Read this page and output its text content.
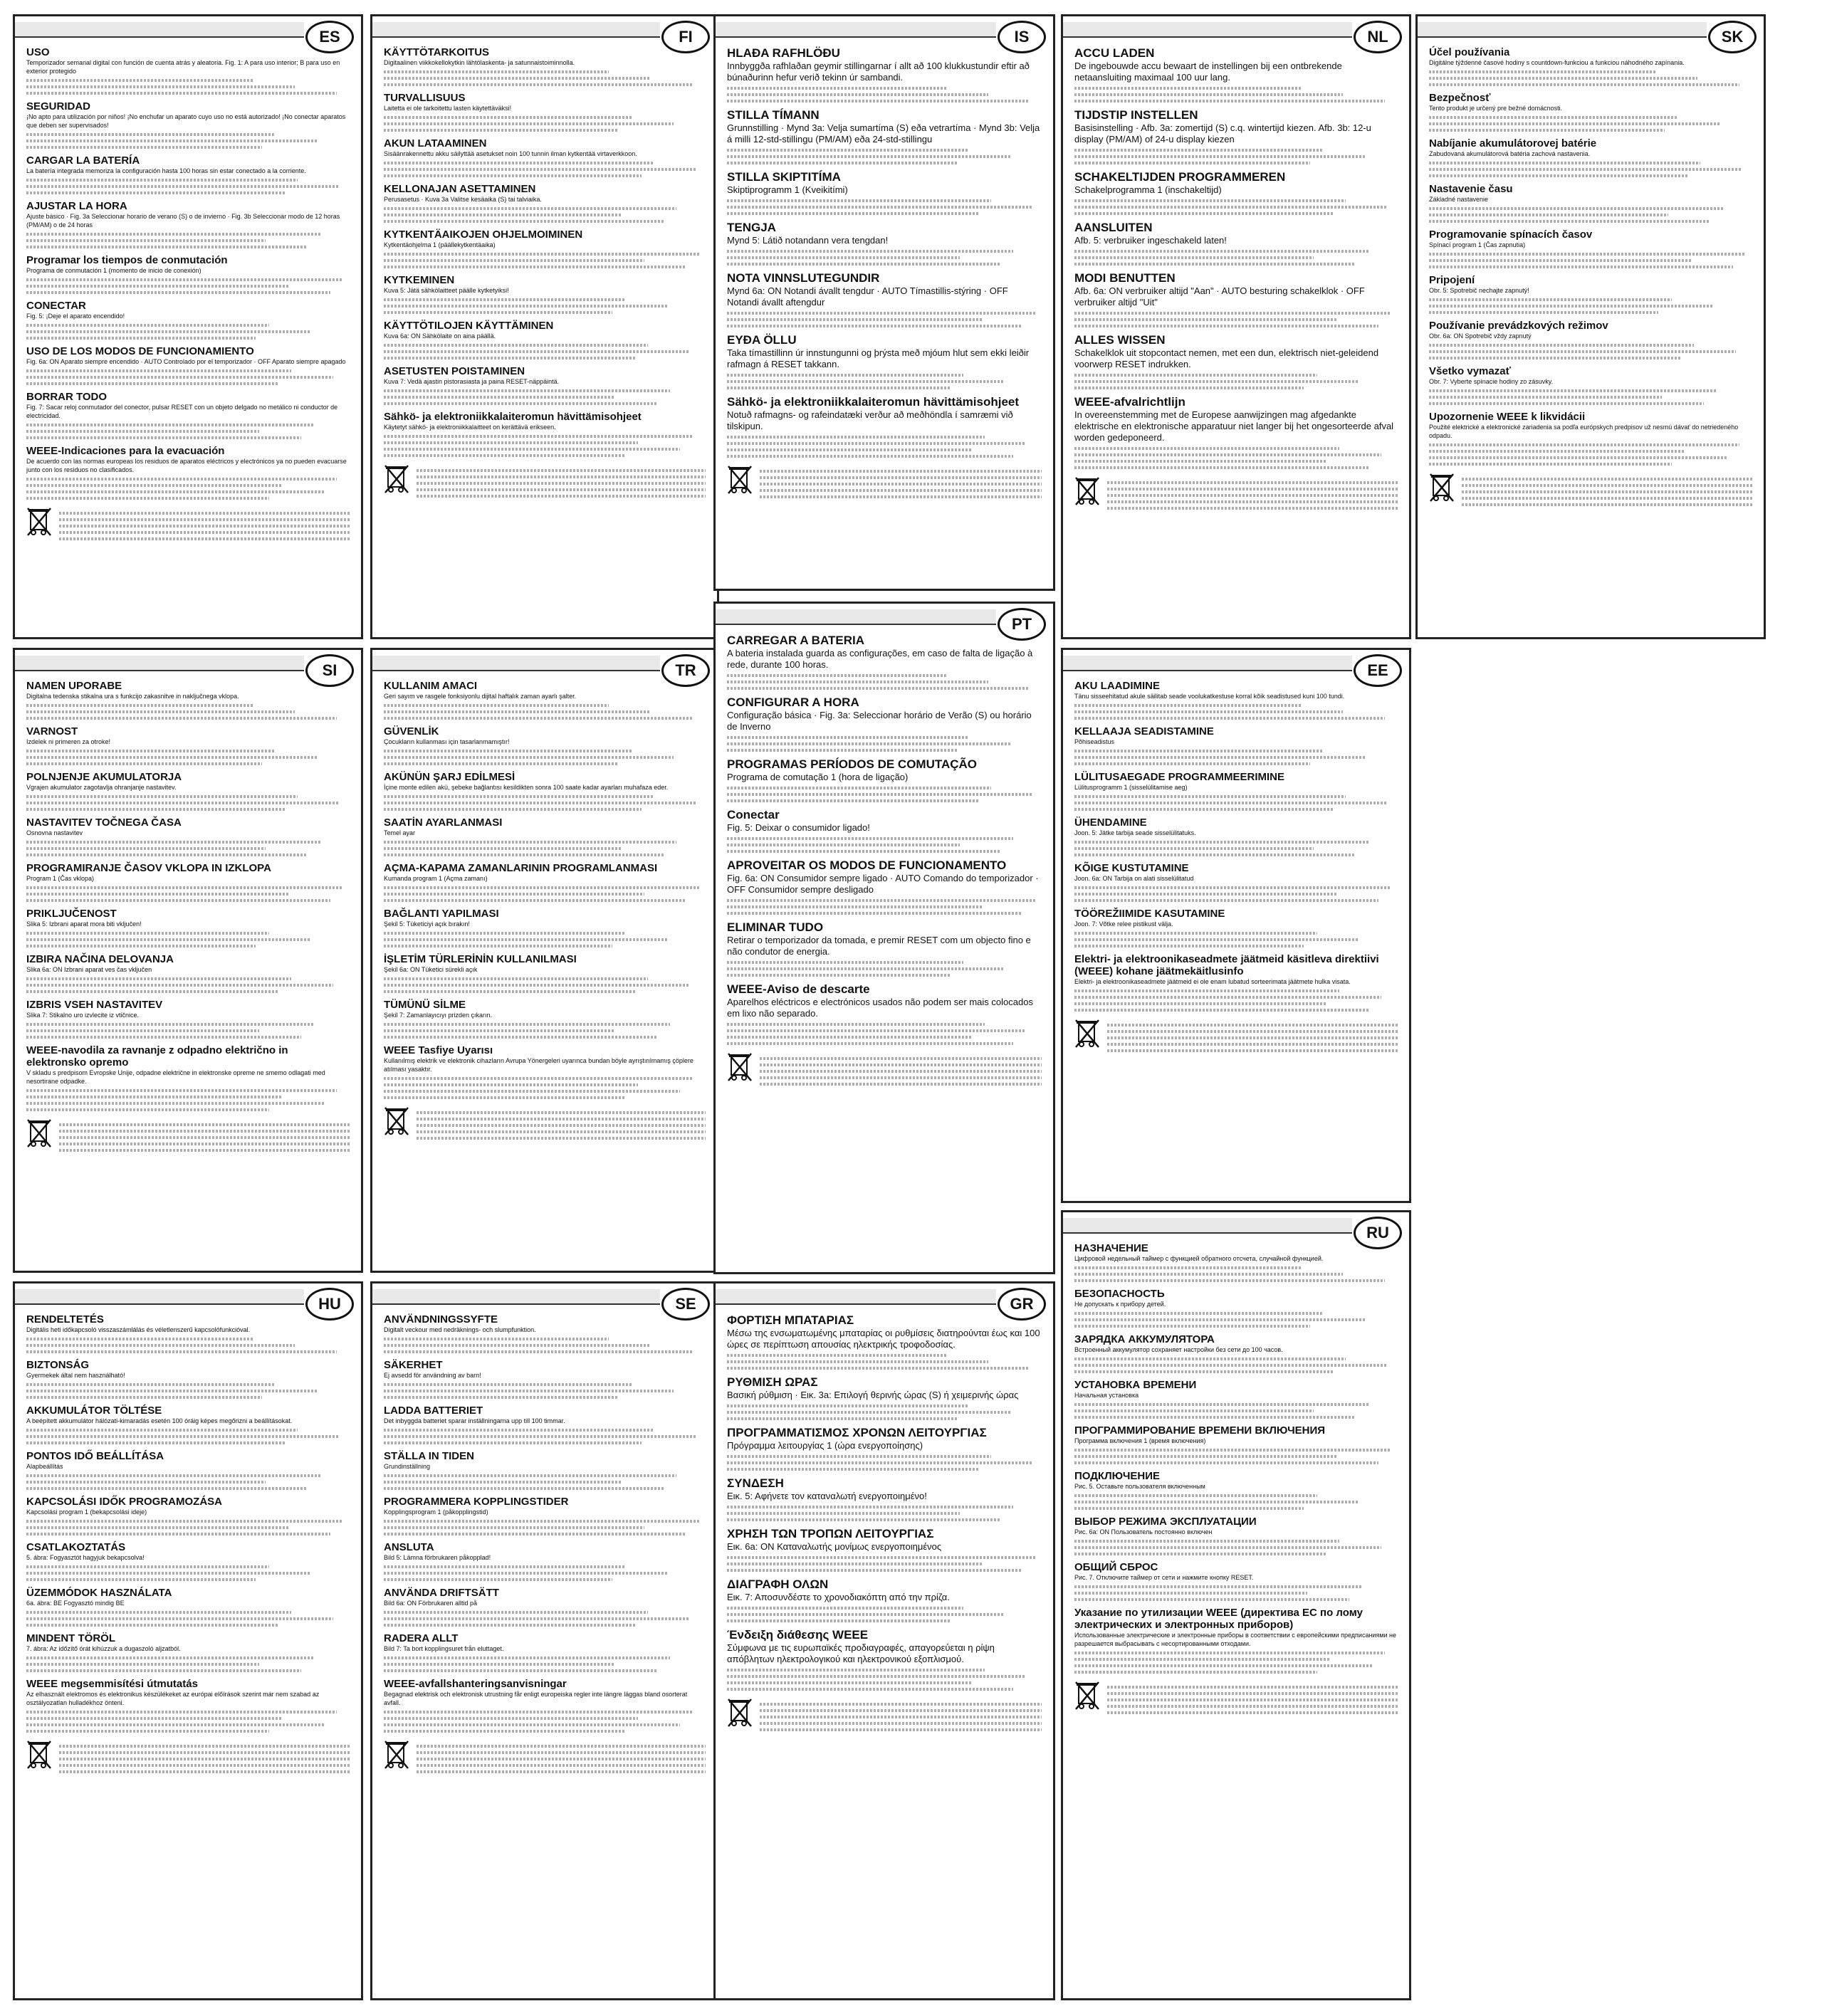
ES
USO
Temporizador semanal digital con función de cuenta atrás y aleatoria. Fig. 1: A para uso interior; B para uso en exterior protegido
SEGURIDAD
¡No apto para utilización por niños! ¡No enchufar un aparato cuyo uso no está autorizado! ¡No conectar aparatos que deben ser supervisados!
CARGAR LA BATERÍA
La batería integrada memoriza la configuración hasta 100 horas sin estar conectado a la corriente.
AJUSTAR LA HORA
Ajuste básico · Fig. 3a Seleccionar horario de verano (S) o de invierno · Fig. 3b Seleccionar modo de 12 horas (PM/AM) o de 24 horas
Programar los tiempos de conmutación
Programa de conmutación 1 (momento de inicio de conexión)
CONECTAR
Fig. 5: ¡Deje el aparato encendido!
USO DE LOS MODOS DE FUNCIONAMIENTO
Fig. 6a: ON Aparato siempre encendido · AUTO Controlado por el temporizador · OFF Aparato siempre apagado
BORRAR TODO
Fig. 7: Sacar reloj conmutador del conector, pulsar RESET con un objeto delgado no metálico ni conductor de electricidad.
WEEE-Indicaciones para la evacuación
De acuerdo con las normas europeas los residuos de aparatos eléctricos y electrónicos ya no pueden evacuarse junto con los residuos no clasificados.
SI
NAMEN UPORABE
Digitalna tedenska stikalna ura s funkcijo zakasnitve in naključnega vklopa.
VARNOST
Izdelek ni primeren za otroke!
POLNJENJE AKUMULATORJA
Vgrajen akumulator zagotavlja ohranjanje nastavitev.
NASTAVITEV TOČNEGA ČASA
Osnovna nastavitev
PROGRAMIRANJE ČASOV VKLOPA IN IZKLOPA
Program 1 (Čas vklopa)
PRIKLJUČENOST
Slika 5: Izbrani aparat mora biti vključen!
IZBIRA NAČINA DELOVANJA
Slika 6a: ON Izbrani aparat ves čas vključen
IZBRIS VSEH NASTAVITEV
Slika 7: Stikalno uro izvlecite iz vtičnice.
WEEE-navodila za ravnanje z odpadno električno in elektronsko opremo
V skladu s predpisom Evropske Unije, odpadne električne in elektronske opreme ne smemo odlagati med nesortirane odpadke.
HU
RENDELTETÉS
Digitális heti időkapcsoló visszaszámlálás és véletlenszerű kapcsolófunkcióval.
BIZTONSÁG
Gyermekek által nem használható!
AKKUMULÁTOR TÖLTÉSE
A beépített akkumulátor hálózati-kimaradás esetén 100 óráig képes megőrizni a beállításokat.
PONTOS IDŐ BEÁLLÍTÁSA
Alapbeállítás
KAPCSOLÁSI IDŐK PROGRAMOZÁSA
Kapcsolási program 1 (bekapcsolási ideje)
CSATLAKOZTATÁS
5. ábra: Fogyasztót hagyjuk bekapcsolva!
ÜZEMMÓDOK HASZNÁLATA
6a. ábra: BE Fogyasztó mindig BE
MINDENT TÖRÖL
7. ábra: Az időzítő órát kihúzzuk a dugaszoló aljzatból.
WEEE megsemmisítési útmutatás
Az elhasznált elektromos és elektronikus készülékeket az európai előírások szerint már nem szabad az osztályozatlan hulladékhoz önteni.
FI
KÄYTTÖTARKOITUS
Digitaalinen viikkokellokytkin lähtölaskenta- ja satunnaistoiminnolla.
TURVALLISUUS
Laitetta ei ole tarkoitettu lasten käytettäväksi!
AKUN LATAAMINEN
Sisäänrakennettu akku säilyttää asetukset noin 100 tunnin ilman kytkentää virtaverkkoon.
KELLONAJAN ASETTAMINEN
Perusasetus · Kuva 3a Valitse kesäaika (S) tai talviaika.
KYTKENTÄAIKOJEN OHJELMOIMINEN
Kytkentäohjelma 1 (päällekytkentäaika)
KYTKEMINEN
Kuva 5: Jätä sähkölaitteet päälle kytketyiksi!
KÄYTTÖTILOJEN KÄYTTÄMINEN
Kuva 6a: ON Sähkölaite on aina päällä.
ASETUSTEN POISTAMINEN
Kuva 7: Vedä ajastin pistorasiasta ja paina RESET-näppäintä.
Sähkö- ja elektroniikkalaiteromun hävittämisohjeet
Käytetyt sähkö- ja elektroniikkalaitteet on kerättävä erikseen.
TR
KULLANIM AMACI
Geri sayım ve rasgele fonksiyonlu dijital haftalık zaman ayarlı şalter.
GÜVENLİK
Çocukların kullanması için tasarlanmamıştır!
AKÜNÜN ŞARJ EDİLMESİ
İçine monte edilen akü, şebeke bağlantısı kesildikten sonra 100 saate kadar ayarları muhafaza eder.
SAATİN AYARLANMASI
Temel ayar
AÇMA-KAPAMA ZAMANLARININ PROGRAMLANMASI
Kumanda program 1 (Açma zamanı)
BAĞLANTI YAPILMASI
Şekil 5: Tüketiciyi açık bırakın!
İŞLETİM TÜRLERİNİN KULLANILMASI
Şekil 6a: ON Tüketici sürekli açık
TÜMÜNÜ SİLME
Şekil 7: Zamanlayıcıyı prizden çıkarın.
WEEE Tasfiye Uyarısı
Kullanılmış elektrik ve elektronik cihazların Avrupa Yönergeleri uyarınca bundan böyle ayrıştırılmamış çöplere atılması yasaktır.
SE
ANVÄNDNINGSSYFTE
Digitalt veckour med nedräknings- och slumpfunktion.
SÄKERHET
Ej avsedd för användning av barn!
LADDA BATTERIET
Det inbyggda batteriet sparar inställningarna upp till 100 timmar.
STÄLLA IN TIDEN
Grundinställning
PROGRAMMERA KOPPLINGSTIDER
Kopplingsprogram 1 (påkopplingstid)
ANSLUTA
Bild 5: Lämna förbrukaren påkopplad!
ANVÄNDA DRIFTSÄTT
Bild 6a: ON Förbrukaren alltid på
RADERA ALLT
Bild 7: Ta bort kopplingsuret från eluttaget.
WEEE-avfallshanteringsanvisningar
Begagnad elektrisk och elektronisk utrustning får enligt europeiska regler inte längre läggas bland osorterat avfall.
IS
HLAÐA RAFHLÖÐU
Innbyggða rafhlaðan geymir stillingarnar í allt að 100 klukkustundir eftir að búnaðurinn hefur verið tekinn úr sambandi.
STILLA TÍMANN
Grunnstilling · Mynd 3a: Velja sumartíma (S) eða vetrartíma · Mynd 3b: Velja á milli 12-std-stillingu (PM/AM) eða 24-std-stillingu
STILLA SKIPTITÍMA
Skiptiprogramm 1 (Kveikitími)
TENGJA
Mynd 5: Látið notandann vera tengdan!
NOTA VINNSLUTEGUNDIR
Mynd 6a: ON Notandi ávallt tengdur · AUTO Tímastillis-stýring · OFF Notandi ávallt aftengdur
EYÐA ÖLLU
Taka tímastillinn úr innstungunni og þrýsta með mjóum hlut sem ekki leiðir rafmagn á RESET takkann.
Sähkö- ja elektroniikkalaiteromun hävittämisohjeet
Notuð rafmagns- og rafeindatæki verður að meðhöndla í samræmi við tilskipun.
PT
CARREGAR A BATERIA
A bateria instalada guarda as configurações, em caso de falta de ligação à rede, durante 100 horas.
CONFIGURAR A HORA
Configuração básica · Fig. 3a: Seleccionar horário de Verão (S) ou horário de Inverno
PROGRAMAS PERÍODOS DE COMUTAÇÃO
Programa de comutação 1 (hora de ligação)
Conectar
Fig. 5: Deixar o consumidor ligado!
APROVEITAR OS MODOS DE FUNCIONAMENTO
Fig. 6a: ON Consumidor sempre ligado · AUTO Comando do temporizador · OFF Consumidor sempre desligado
ELIMINAR TUDO
Retirar o temporizador da tomada, e premir RESET com um objecto fino e não condutor de energia.
WEEE-Aviso de descarte
Aparelhos eléctricos e electrónicos usados não podem ser mais colocados em lixo não separado.
GR
ΦΟΡΤΙΣΗ ΜΠΑΤΑΡΙΑΣ
Μέσω της ενσωματωμένης μπαταρίας οι ρυθμίσεις διατηρούνται έως και 100 ώρες σε περίπτωση απουσίας ηλεκτρικής τροφοδοσίας.
ΡΥΘΜΙΣΗ ΩΡΑΣ
Βασική ρύθμιση · Εικ. 3a: Επιλογή θερινής ώρας (S) ή χειμερινής ώρας
ΠΡΟΓΡΑΜΜΑΤΙΣΜΟΣ ΧΡΟΝΩΝ ΛΕΙΤΟΥΡΓΙΑΣ
Πρόγραμμα λειτουργίας 1 (ώρα ενεργοποίησης)
ΣΥΝΔΕΣΗ
Εικ. 5: Αφήνετε τον καταναλωτή ενεργοποιημένο!
ΧΡΗΣΗ ΤΩΝ ΤΡΟΠΩΝ ΛΕΙΤΟΥΡΓΙΑΣ
Εικ. 6a: ON Καταναλωτής μονίμως ενεργοποιημένος
ΔΙΑΓΡΑΦΗ ΟΛΩΝ
Εικ. 7: Αποσυνδέστε το χρονοδιακόπτη από την πρίζα.
Ένδειξη διάθεσης WEEE
Σύμφωνα με τις ευρωπαϊκές προδιαγραφές, απαγορεύεται η ρίψη απόβλητων ηλεκτρολογικού και ηλεκτρονικού εξοπλισμού.
NL
ACCU LADEN
De ingebouwde accu bewaart de instellingen bij een ontbrekende netaansluiting maximaal 100 uur lang.
TIJDSTIP INSTELLEN
Basisinstelling · Afb. 3a: zomertijd (S) c.q. wintertijd kiezen. Afb. 3b: 12-u display (PM/AM) of 24-u display kiezen
SCHAKELTIJDEN PROGRAMMEREN
Schakelprogramma 1 (inschakeltijd)
AANSLUITEN
Afb. 5: verbruiker ingeschakeld laten!
MODI BENUTTEN
Afb. 6a: ON verbruiker altijd "Aan" · AUTO besturing schakelklok · OFF verbruiker altijd "Uit"
ALLES WISSEN
Schakelklok uit stopcontact nemen, met een dun, elektrisch niet-geleidend voorwerp RESET indrukken.
WEEE-afvalrichtlijn
In overeenstemming met de Europese aanwijzingen mag afgedankte elektrische en elektronische apparatuur niet langer bij het ongesorteerde afval worden gedeponeerd.
EE
AKU LAADIMINE
Tänu sisseehitatud akule säilitab seade voolukatkestuse korral kõik seadistused kuni 100 tundi.
KELLAAJA SEADISTAMINE
Põhiseadistus
LÜLITUSAEGADE PROGRAMMEERIMINE
Lülitusprogramm 1 (sisselülitamise aeg)
ÜHENDAMINE
Joon. 5: Jätke tarbija seade sisselülitatuks.
KÕIGE KUSTUTAMINE
Joon. 6a: ON Tarbija on alati sisselülitatud
TÖÖREŽIIMIDE KASUTAMINE
Joon. 7: Võtke relee pistikust välja.
Elektri- ja elektroonikaseadmete jäätmeid käsitleva direktiivi (WEEE) kohane jäätmekäitlusinfo
Elektri- ja elektroonikaseadmete jäätmeid ei ole enam lubatud sorteerimata jäätmete hulka visata.
RU
НАЗНАЧЕНИЕ
Цифровой недельный таймер с функцией обратного отсчета, случайной функцией.
БЕЗОПАСНОСТЬ
Не допускать к прибору детей.
ЗАРЯДКА АККУМУЛЯТОРА
Встроенный аккумулятор сохраняет настройки без сети до 100 часов.
УСТАНОВКА ВРЕМЕНИ
Начальная установка
ПРОГРАММИРОВАНИЕ ВРЕМЕНИ ВКЛЮЧЕНИЯ
Программа включения 1 (время включения)
ПОДКЛЮЧЕНИЕ
Рис. 5. Оставьте пользователя включенным
ВЫБОР РЕЖИМА ЭКСПЛУАТАЦИИ
Рис. 6a: ON Пользователь постоянно включен
ОБЩИЙ СБРОС
Рис. 7. Отключите таймер от сети и нажмите кнопку RESET.
Указание по утилизации WEEE (директива ЕС по лому электрических и электронных приборов)
Использованные электрические и электронные приборы в соответствии с европейскими предписаниями не разрешается выбрасывать с несортированными отходами.
SK
Účel používania
Digitálne týždenné časové hodiny s countdown-funkciou a funkciou náhodného zapínania.
Bezpečnosť
Tento produkt je určený pre bežné domácnosti.
Nabíjanie akumulátorovej batérie
Zabudovaná akumulátorová batéria zachová nastavenia.
Nastavenie času
Základné nastavenie
Programovanie spínacích časov
Spínací program 1 (Čas zapnutia)
Pripojení
Obr. 5: Spotrebič nechajte zapnutý!
Používanie prevádzkových režimov
Obr. 6a: ON Spotrebič vždy zapnutý
Všetko vymazať
Obr. 7: Vyberte spínacie hodiny zo zásuvky.
Upozornenie WEEE k likvidácii
Použité elektrické a elektronické zariadenia sa podľa európskych predpisov už nesmú dávať do netriedeného odpadu.
